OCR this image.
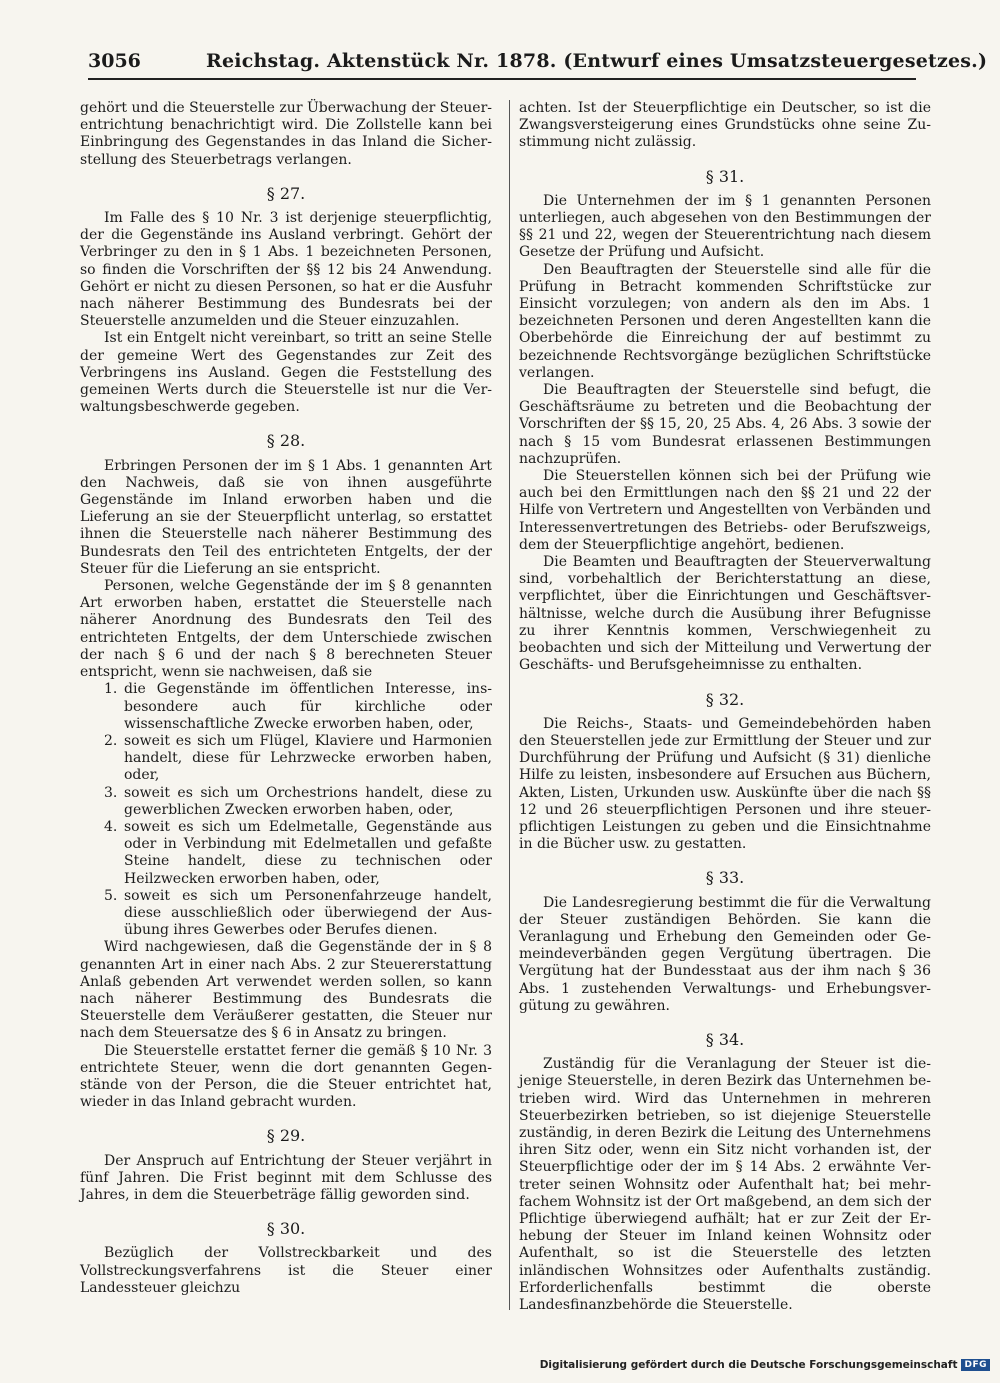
3056	Reichstag. Aktenstück Nr. 1878. (Entwurf eines Umsatzsteuergesetzes.)

gehört und die Steuerstelle zur Überwachung der Steuerentrichtung benachrichtigt wird. Die Zollstelle kann bei Einbringung des Gegenstandes in das Inland die Sicherstellung des Steuerbetrags verlangen.

§ 27.

Im Falle des § 10 Nr. 3 ist derjenige steuerpflichtig, der die Gegenstände ins Ausland verbringt. Gehört der Verbringer zu den in § 1 Abs. 1 bezeichneten Personen, so finden die Vorschriften der §§ 12 bis 24 Anwendung. Gehört er nicht zu diesen Personen, so hat er die Ausfuhr nach näherer Bestimmung des Bundesrats bei der Steuerstelle anzumelden und die Steuer einzuzahlen.

Ist ein Entgelt nicht vereinbart, so tritt an seine Stelle der gemeine Wert des Gegenstandes zur Zeit des Verbringens ins Ausland. Gegen die Feststellung des gemeinen Werts durch die Steuerstelle ist nur die Verwaltungsbeschwerde gegeben.

§ 28.

Erbringen Personen der im § 1 Abs. 1 genannten Art den Nachweis, daß sie von ihnen ausgeführte Gegenstände im Inland erworben haben und die Lieferung an sie der Steuerpflicht unterlag, so erstattet ihnen die Steuerstelle nach näherer Bestimmung des Bundesrats den Teil des entrichteten Entgelts, der der Steuer für die Lieferung an sie entspricht.

Personen, welche Gegenstände der im § 8 genannten Art erworben haben, erstattet die Steuerstelle nach näherer Anordnung des Bundesrats den Teil des entrichteten Entgelts, der dem Unterschiede zwischen der nach § 6 und der nach § 8 berechneten Steuer entspricht, wenn sie nachweisen, daß sie

1. die Gegenstände im öffentlichen Interesse, insbesondere auch für kirchliche oder wissenschaftliche Zwecke erworben haben, oder,
2. soweit es sich um Flügel, Klaviere und Harmonien handelt, diese für Lehrzwecke erworben haben, oder,
3. soweit es sich um Orchestrions handelt, diese zu gewerblichen Zwecken erworben haben, oder,
4. soweit es sich um Edelmetalle, Gegenstände aus oder in Verbindung mit Edelmetallen und gefaßte Steine handelt, diese zu technischen oder Heilzwecken erworben haben, oder,
5. soweit es sich um Personenfahrzeuge handelt, diese ausschließlich oder überwiegend der Ausübung ihres Gewerbes oder Berufes dienen.

Wird nachgewiesen, daß die Gegenstände der in § 8 genannten Art in einer nach Abs. 2 zur Steuererstattung Anlaß gebenden Art verwendet werden sollen, so kann nach näherer Bestimmung des Bundesrats die Steuerstelle dem Veräußerer gestatten, die Steuer nur nach dem Steuersatze des § 6 in Ansatz zu bringen.

Die Steuerstelle erstattet ferner die gemäß § 10 Nr. 3 entrichtete Steuer, wenn die dort genannten Gegenstände von der Person, die die Steuer entrichtet hat, wieder in das Inland gebracht wurden.

§ 29.

Der Anspruch auf Entrichtung der Steuer verjährt in fünf Jahren. Die Frist beginnt mit dem Schlusse des Jahres, in dem die Steuerbeträge fällig geworden sind.

§ 30.

Bezüglich der Vollstreckbarkeit und des Vollstreckungsverfahrens ist die Steuer einer Landessteuer gleichzu

achten. Ist der Steuerpflichtige ein Deutscher, so ist die Zwangsversteigerung eines Grundstücks ohne seine Zustimmung nicht zulässig.

§ 31.

Die Unternehmen der im § 1 genannten Personen unterliegen, auch abgesehen von den Bestimmungen der §§ 21 und 22, wegen der Steuerentrichtung nach diesem Gesetze der Prüfung und Aufsicht.

Den Beauftragten der Steuerstelle sind alle für die Prüfung in Betracht kommenden Schriftstücke zur Einsicht vorzulegen; von andern als den im Abs. 1 bezeichneten Personen und deren Angestellten kann die Oberbehörde die Einreichung der auf bestimmt zu bezeichnende Rechtsvorgänge bezüglichen Schriftstücke verlangen.

Die Beauftragten der Steuerstelle sind befugt, die Geschäftsräume zu betreten und die Beobachtung der Vorschriften der §§ 15, 20, 25 Abs. 4, 26 Abs. 3 sowie der nach § 15 vom Bundesrat erlassenen Bestimmungen nachzuprüfen.

Die Steuerstellen können sich bei der Prüfung wie auch bei den Ermittlungen nach den §§ 21 und 22 der Hilfe von Vertretern und Angestellten von Verbänden und Interessenvertretungen des Betriebs- oder Berufszweigs, dem der Steuerpflichtige angehört, bedienen.

Die Beamten und Beauftragten der Steuerverwaltung sind, vorbehaltlich der Berichterstattung an diese, verpflichtet, über die Einrichtungen und Geschäftsverhältnisse, welche durch die Ausübung ihrer Befugnisse zu ihrer Kenntnis kommen, Verschwiegenheit zu beobachten und sich der Mitteilung und Verwertung der Geschäfts- und Berufsgeheimnisse zu enthalten.

§ 32.

Die Reichs-, Staats- und Gemeindebehörden haben den Steuerstellen jede zur Ermittlung der Steuer und zur Durchführung der Prüfung und Aufsicht (§ 31) dienliche Hilfe zu leisten, insbesondere auf Ersuchen aus Büchern, Akten, Listen, Urkunden usw. Auskünfte über die nach §§ 12 und 26 steuerpflichtigen Personen und ihre steuerpflichtigen Leistungen zu geben und die Einsichtnahme in die Bücher usw. zu gestatten.

§ 33.

Die Landesregierung bestimmt die für die Verwaltung der Steuer zuständigen Behörden. Sie kann die Veranlagung und Erhebung den Gemeinden oder Gemeindeverbänden gegen Vergütung übertragen. Die Vergütung hat der Bundesstaat aus der ihm nach § 36 Abs. 1 zustehenden Verwaltungs- und Erhebungsvergütung zu gewähren.

§ 34.

Zuständig für die Veranlagung der Steuer ist diejenige Steuerstelle, in deren Bezirk das Unternehmen betrieben wird. Wird das Unternehmen in mehreren Steuerbezirken betrieben, so ist diejenige Steuerstelle zuständig, in deren Bezirk die Leitung des Unternehmens ihren Sitz oder, wenn ein Sitz nicht vorhanden ist, der Steuerpflichtige oder der im § 14 Abs. 2 erwähnte Vertreter seinen Wohnsitz oder Aufenthalt hat; bei mehrfachem Wohnsitz ist der Ort maßgebend, an dem sich der Pflichtige überwiegend aufhält; hat er zur Zeit der Erhebung der Steuer im Inland keinen Wohnsitz oder Aufenthalt, so ist die Steuerstelle des letzten inländischen Wohnsitzes oder Aufenthalts zuständig. Erforderlichenfalls bestimmt die oberste Landesfinanzbehörde die Steuerstelle.

Digitalisierung gefördert durch die Deutsche Forschungsgemeinschaft DFG
